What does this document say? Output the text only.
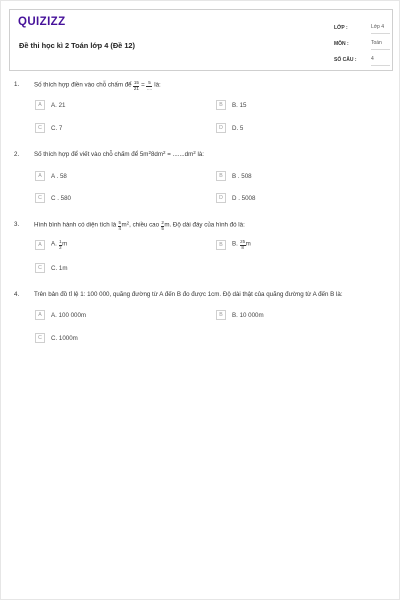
QUIZIZZ
Đề thi học kì 2 Toán lớp 4 (Đề 12)
LỚP :	Lớp 4
MÔN :	Toán
SỐ CÂU :	4
1. Số thích hợp điền vào chỗ chấm để $\frac{15}{21} = \frac{5}{....}$ là:
A	A. 21	B	B. 15
C	C. 7	D	D. 5
2. Số thích hợp để viết vào chỗ chấm để $5m^28dm^2 = .......dm^2$ là:
A	A . 58	B	B . 508
C	C . 580	D	D . 5008
3. Hình bình hành có diện tích là $\frac{5}{4} m^2$, chiều cao $\frac{2}{5} m$. Độ dài đáy của hình đó là:
A	A. $\frac{1}{2}$ m	B	B. $\frac{25}{8}$ m
C	C. 1m
4. Trên bản đồ tỉ lệ 1: 100 000, quãng đường từ A đến B đo được 1cm. Độ dài thật của quãng đường từ A đến B là:
A	A. 100 000m	B	B. 10 000m
C	C. 1000m
